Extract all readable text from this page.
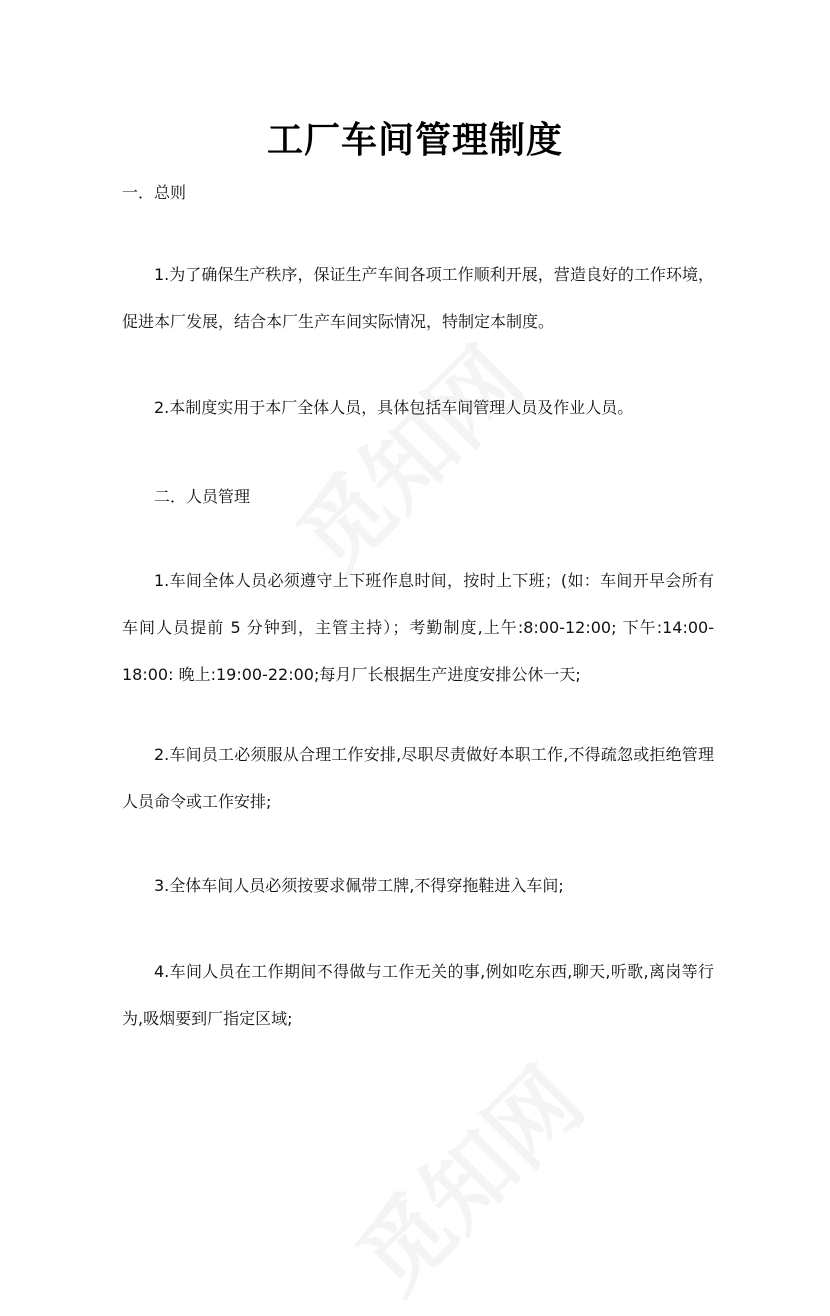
工厂车间管理制度

一．总则

1.为了确保生产秩序，保证生产车间各项工作顺利开展，营造良好的工作环境，促进本厂发展，结合本厂生产车间实际情况，特制定本制度。

2.本制度实用于本厂全体人员，具体包括车间管理人员及作业人员。

二．人员管理

1.车间全体人员必须遵守上下班作息时间，按时上下班；(如：车间开早会所有车间人员提前 5 分钟到，主管主持）；考勤制度,上午:8:00-12:00; 下午:14:00-18:00: 晚上:19:00-22:00;每月厂长根据生产进度安排公休一天;

2.车间员工必须服从合理工作安排,尽职尽责做好本职工作,不得疏忽或拒绝管理人员命令或工作安排;

3.全体车间人员必须按要求佩带工牌,不得穿拖鞋进入车间;

4.车间人员在工作期间不得做与工作无关的事,例如吃东西,聊天,听歌,离岗等行为,吸烟要到厂指定区域;
